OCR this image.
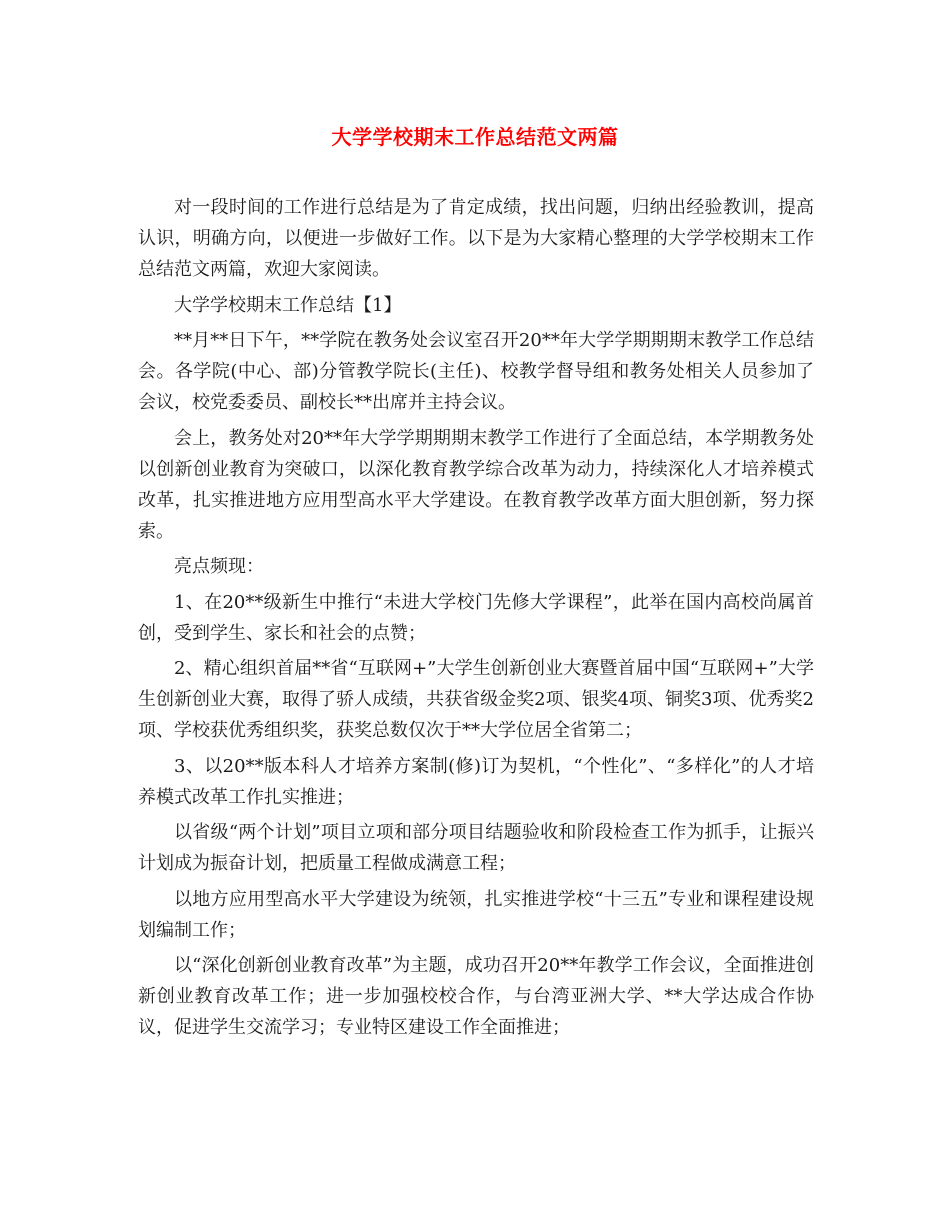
大学学校期末工作总结范文两篇

对一段时间的工作进行总结是为了肯定成绩，找出问题，归纳出经验教训，提高认识，明确方向，以便进一步做好工作。以下是为大家精心整理的大学学校期末工作总结范文两篇，欢迎大家阅读。

大学学校期末工作总结【1】

**月**日下午，**学院在教务处会议室召开20**年大学学期期期末教学工作总结会。各学院(中心、部)分管教学院长(主任)、校教学督导组和教务处相关人员参加了会议，校党委委员、副校长**出席并主持会议。

会上，教务处对20**年大学学期期期末教学工作进行了全面总结，本学期教务处以创新创业教育为突破口，以深化教育教学综合改革为动力，持续深化人才培养模式改革，扎实推进地方应用型高水平大学建设。在教育教学改革方面大胆创新，努力探索。

亮点频现：

1、在20**级新生中推行“未进大学校门先修大学课程”，此举在国内高校尚属首创，受到学生、家长和社会的点赞；

2、精心组织首届**省“互联网+”大学生创新创业大赛暨首届中国“互联网+”大学生创新创业大赛，取得了骄人成绩，共获省级金奖2项、银奖4项、铜奖3项、优秀奖2项、学校获优秀组织奖，获奖总数仅次于**大学位居全省第二；

3、以20**版本科人才培养方案制(修)订为契机，“个性化”、“多样化”的人才培养模式改革工作扎实推进；

以省级“两个计划”项目立项和部分项目结题验收和阶段检查工作为抓手，让振兴计划成为振奋计划，把质量工程做成满意工程；

以地方应用型高水平大学建设为统领，扎实推进学校“十三五”专业和课程建设规划编制工作；

以“深化创新创业教育改革”为主题，成功召开20**年教学工作会议，全面推进创新创业教育改革工作；进一步加强校校合作，与台湾亚洲大学、**大学达成合作协议，促进学生交流学习；专业特区建设工作全面推进；
